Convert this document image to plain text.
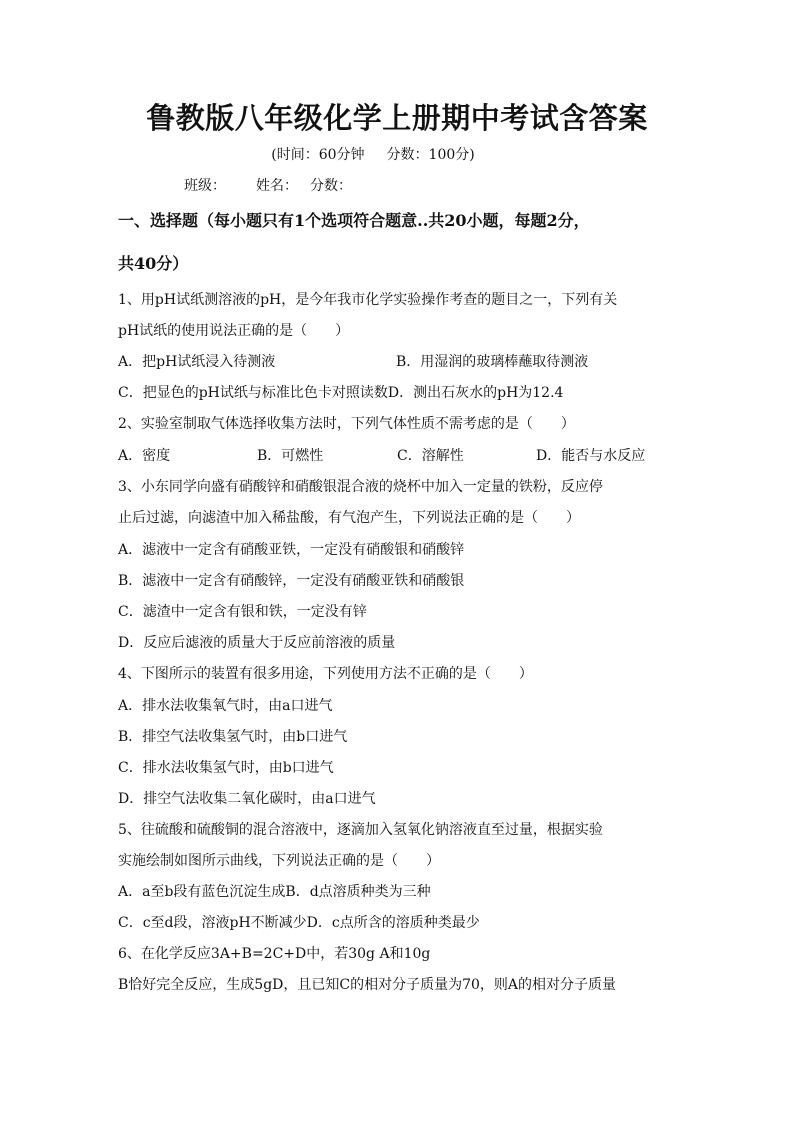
鲁教版八年级化学上册期中考试含答案
(时间：60分钟 分数：100分)
班级： 姓名： 分数：
一、选择题（每小题只有1个选项符合题意..共20小题，每题2分，
共40分）
1、用pH试纸测溶液的pH，是今年我市化学实验操作考查的题目之一，下列有关
pH试纸的使用说法正确的是（　　）
A．把pH试纸浸入待测液	B．用湿润的玻璃棒蘸取待测液
C．把显色的pH试纸与标准比色卡对照读数D．测出石灰水的pH为12.4
2、实验室制取气体选择收集方法时，下列气体性质不需考虑的是（　　）
A．密度	B．可燃性	C．溶解性	D．能否与水反应
3、小东同学向盛有硝酸锌和硝酸银混合液的烧杯中加入一定量的铁粉，反应停
止后过滤，向滤渣中加入稀盐酸，有气泡产生，下列说法正确的是（　　）
A．滤液中一定含有硝酸亚铁，一定没有硝酸银和硝酸锌
B．滤液中一定含有硝酸锌，一定没有硝酸亚铁和硝酸银
C．滤渣中一定含有银和铁，一定没有锌
D．反应后滤液的质量大于反应前溶液的质量
4、下图所示的装置有很多用途，下列使用方法不正确的是（　　）
A．排水法收集氧气时，由a口进气
B．排空气法收集氢气时，由b口进气
C．排水法收集氢气时，由b口进气
D．排空气法收集二氧化碳时，由a口进气
5、往硫酸和硫酸铜的混合溶液中，逐滴加入氢氧化钠溶液直至过量，根据实验
实施绘制如图所示曲线，下列说法正确的是（　　）
A．a至b段有蓝色沉淀生成B．d点溶质种类为三种
C．c至d段，溶液pH不断减少D．c点所含的溶质种类最少
6、在化学反应3A+B=2C+D中，若30g A和10g
B恰好完全反应，生成5gD，且已知C的相对分子质量为70，则A的相对分子质量
